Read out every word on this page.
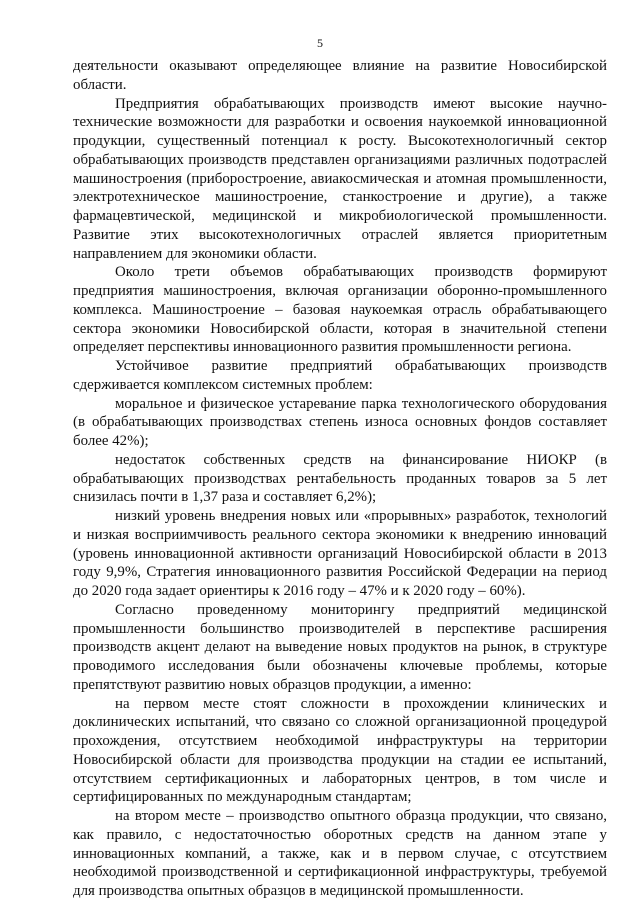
5

деятельности оказывают определяющее влияние на развитие Новосибирской области.

Предприятия обрабатывающих производств имеют высокие научно-технические возможности для разработки и освоения наукоемкой инновационной продукции, существенный потенциал к росту. Высокотехнологичный сектор обрабатывающих производств представлен организациями различных подотраслей машиностроения (приборостроение, авиакосмическая и атомная промышленности, электротехническое машиностроение, станкостроение и другие), а также фармацевтической, медицинской и микробиологической промышленности. Развитие этих высокотехнологичных отраслей является приоритетным направлением для экономики области.

Около трети объемов обрабатывающих производств формируют предприятия машиностроения, включая организации оборонно-промышленного комплекса. Машиностроение – базовая наукоемкая отрасль обрабатывающего сектора экономики Новосибирской области, которая в значительной степени определяет перспективы инновационного развития промышленности региона.

Устойчивое развитие предприятий обрабатывающих производств сдерживается комплексом системных проблем:

моральное и физическое устаревание парка технологического оборудования (в обрабатывающих производствах степень износа основных фондов составляет более 42%);

недостаток собственных средств на финансирование НИОКР (в обрабатывающих производствах рентабельность проданных товаров за 5 лет снизилась почти в 1,37 раза и составляет 6,2%);

низкий уровень внедрения новых или «прорывных» разработок, технологий и низкая восприимчивость реального сектора экономики к внедрению инноваций (уровень инновационной активности организаций Новосибирской области в 2013 году 9,9%, Стратегия инновационного развития Российской Федерации на период до 2020 года задает ориентиры к 2016 году – 47% и к 2020 году – 60%).

Согласно проведенному мониторингу предприятий медицинской промышленности большинство производителей в перспективе расширения производств акцент делают на выведение новых продуктов на рынок, в структуре проводимого исследования были обозначены ключевые проблемы, которые препятствуют развитию новых образцов продукции, а именно:

на первом месте стоят сложности в прохождении клинических и доклинических испытаний, что связано со сложной организационной процедурой прохождения, отсутствием необходимой инфраструктуры на территории Новосибирской области для производства продукции на стадии ее испытаний, отсутствием сертификационных и лабораторных центров, в том числе и сертифицированных по международным стандартам;

на втором месте – производство опытного образца продукции, что связано, как правило, с недостаточностью оборотных средств на данном этапе у инновационных компаний, а также, как и в первом случае, с отсутствием необходимой производственной и сертификационной инфраструктуры, требуемой для производства опытных образцов в медицинской промышленности.
